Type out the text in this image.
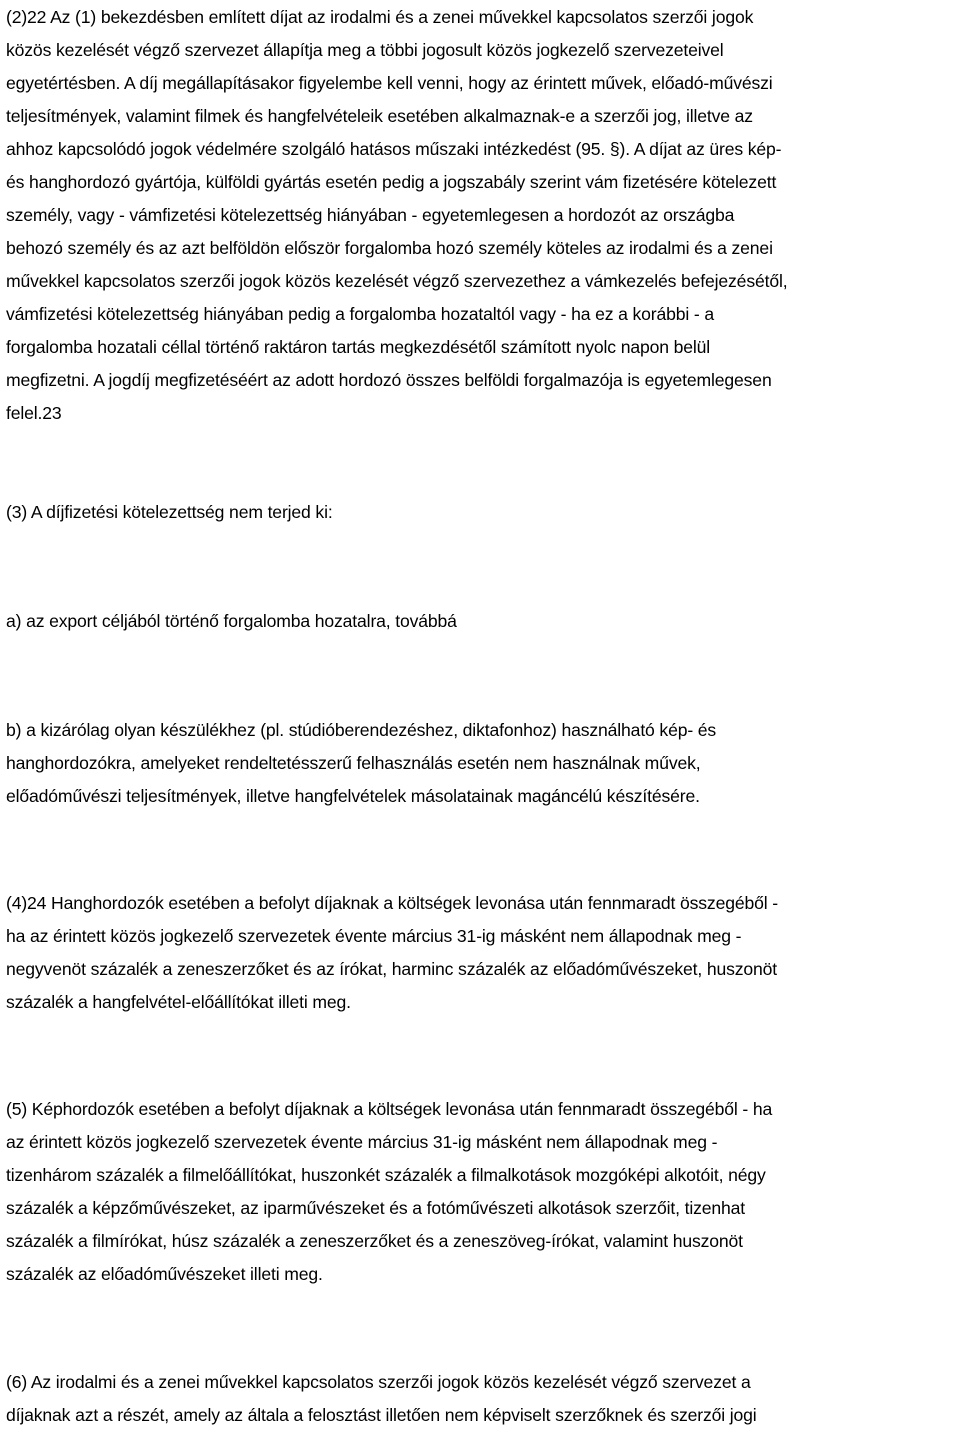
(2)22 Az (1) bekezdésben említett díjat az irodalmi és a zenei művekkel kapcsolatos szerzői jogok
közös kezelését végző szervezet állapítja meg a többi jogosult közös jogkezelő szervezeteivel
egyetértésben. A díj megállapításakor figyelembe kell venni, hogy az érintett művek, előadó-művészi
teljesítmények, valamint filmek és hangfelvételeik esetében alkalmaznak-e a szerzői jog, illetve az
ahhoz kapcsolódó jogok védelmére szolgáló hatásos műszaki intézkedést (95. §). A díjat az üres kép-
és hanghordozó gyártója, külföldi gyártás esetén pedig a jogszabály szerint vám fizetésére kötelezett
személy, vagy - vámfizetési kötelezettség hiányában - egyetemlegesen a hordozót az országba
behozó személy és az azt belföldön először forgalomba hozó személy köteles az irodalmi és a zenei
művekkel kapcsolatos szerzői jogok közös kezelését végző szervezethez a vámkezelés befejezésétől,
vámfizetési kötelezettség hiányában pedig a forgalomba hozataltól vagy - ha ez a korábbi - a
forgalomba hozatali céllal történő raktáron tartás megkezdésétől számított nyolc napon belül
megfizetni. A jogdíj megfizetéséért az adott hordozó összes belföldi forgalmazója is egyetemlegesen
felel.23
(3) A díjfizetési kötelezettség nem terjed ki:
a) az export céljából történő forgalomba hozatalra, továbbá
b) a kizárólag olyan készülékhez (pl. stúdióberendezéshez, diktafonhoz) használható kép- és
hanghordozókra, amelyeket rendeltetésszerű felhasználás esetén nem használnak művek,
előadóművészi teljesítmények, illetve hangfelvételek másolatainak magáncélú készítésére.
(4)24 Hanghordozók esetében a befolyt díjaknak a költségek levonása után fennmaradt összegéből -
ha az érintett közös jogkezelő szervezetek évente március 31-ig másként nem állapodnak meg -
negyvenöt százalék a zeneszerzőket és az írókat, harminc százalék az előadóművészeket, huszonöt
százalék a hangfelvétel-előállítókat illeti meg.
(5) Képhordozók esetében a befolyt díjaknak a költségek levonása után fennmaradt összegéből - ha
az érintett közös jogkezelő szervezetek évente március 31-ig másként nem állapodnak meg -
tizenhárom százalék a filmelőállítókat, huszonkét százalék a filmalkotások mozgóképi alkotóit, négy
százalék a képzőművészeket, az iparművészeket és a fotóművészeti alkotások szerzőit, tizenhat
százalék a filmírókat, húsz százalék a zeneszerzőket és a zeneszöveg-írókat, valamint huszonöt
százalék az előadóművészeket illeti meg.
(6) Az irodalmi és a zenei művekkel kapcsolatos szerzői jogok közös kezelését végző szervezet a
díjaknak azt a részét, amely az általa a felosztást illetően nem képviselt szerzőknek és szerzői jogi
